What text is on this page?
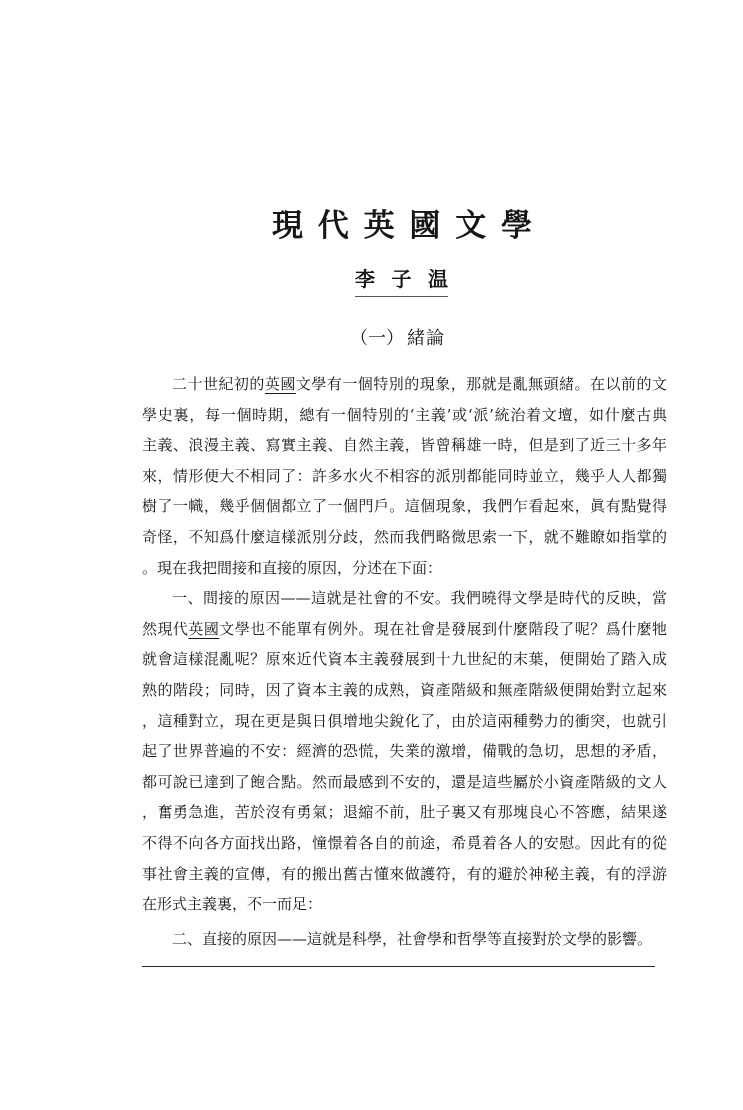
現代英國文學
李子温
（一） 緒論
二十世紀初的英國文學有一個特別的現象，那就是亂無頭緒。在以前的文
學史裏，每一個時期，總有一個特別的‘主義’或‘派’統治着文壇，如什麼古典
主義、浪漫主義、寫實主義、自然主義，皆曾稱雄一時，但是到了近三十多年
來，情形便大不相同了：許多水火不相容的派別都能同時並立，幾乎人人都獨
樹了一幟，幾乎個個都立了一個門戶。這個現象，我們乍看起來，眞有點覺得
奇怪，不知爲什麼這樣派別分歧，然而我們略微思索一下，就不難瞭如指掌的
。現在我把間接和直接的原因，分述在下面：
一、間接的原因——這就是社會的不安。我們曉得文學是時代的反映，當
然現代英國文學也不能單有例外。現在社會是發展到什麼階段了呢？爲什麼牠
就會這樣混亂呢？原來近代資本主義發展到十九世紀的末葉，便開始了踏入成
熟的階段；同時，因了資本主義的成熟，資產階級和無產階級便開始對立起來
，這種對立，現在更是與日俱增地尖銳化了，由於這兩種勢力的衝突，也就引
起了世界普遍的不安：經濟的恐慌，失業的激增，備戰的急切，思想的矛盾，
都可說已達到了飽合點。然而最感到不安的，還是這些屬於小資產階級的文人
，奮勇急進，苦於沒有勇氣；退縮不前，肚子裏又有那塊良心不答應，結果遂
不得不向各方面找出路，憧憬着各自的前途，希覓着各人的安慰。因此有的從
事社會主義的宣傳，有的搬出舊古懂來做護符，有的避於神秘主義，有的浮游
在形式主義裏，不一而足：
二、直接的原因——這就是科學，社會學和哲學等直接對於文學的影響。
